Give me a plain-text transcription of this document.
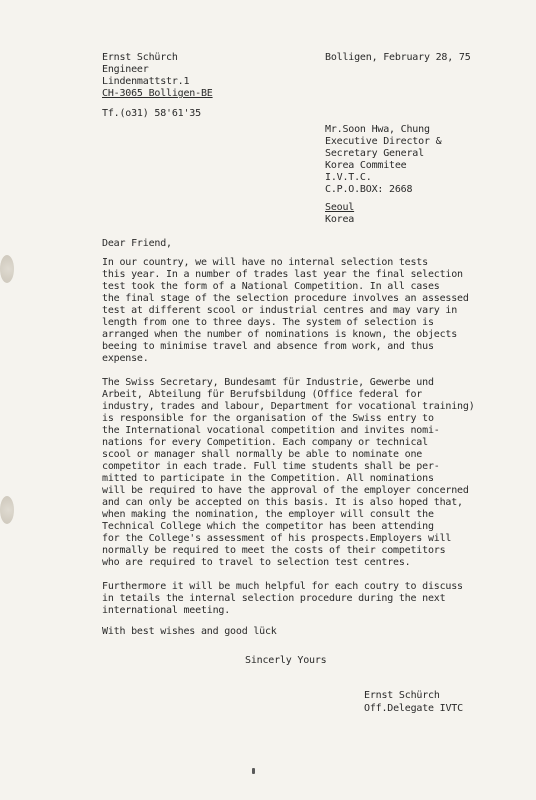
Ernst Schürch
Engineer
Lindenmattstr.1
CH-3065 Bolligen-BE
Tf.(o31) 58'61'35
Bolligen, February 28, 75
Mr.Soon Hwa, Chung
Executive Director &
Secretary General
Korea Commitee
I.V.T.C.
C.P.O.BOX: 2668
Seoul
Korea
Dear Friend,
In our country, we will have no internal selection tests
this year. In a number of trades last year the final selection
test took the form of a National Competition. In all cases
the final stage of the selection procedure involves an assessed
test at different scool or industrial centres and may vary in
length from one to three days. The system of selection is
arranged when the number of nominations is known, the objects
beeing to minimise travel and absence from work, and thus
expense.
The Swiss Secretary, Bundesamt für Industrie, Gewerbe und
Arbeit, Abteilung für Berufsbildung (Office federal for
industry, trades and labour, Department for vocational training)
is responsible for the organisation of the Swiss entry to
the International vocational competition and invites nomi-
nations for every Competition. Each company or technical
scool or manager shall normally be able to nominate one
competitor in each trade. Full time students shall be per-
mitted to participate in the Competition. All nominations
will be required to have the approval of the employer concerned
and can only be accepted on this basis. It is also hoped that,
when making the nomination, the employer will consult the
Technical College which the competitor has been attending
for the College's assessment of his prospects.Employers will
normally be required to meet the costs of their competitors
who are required to travel to selection test centres.
Furthermore it will be much helpful for each coutry to discuss
in tetails the internal selection procedure during the next
international meeting.
With best wishes and good lück
Sincerly Yours
Ernst Schürch
Off.Delegate IVTC
